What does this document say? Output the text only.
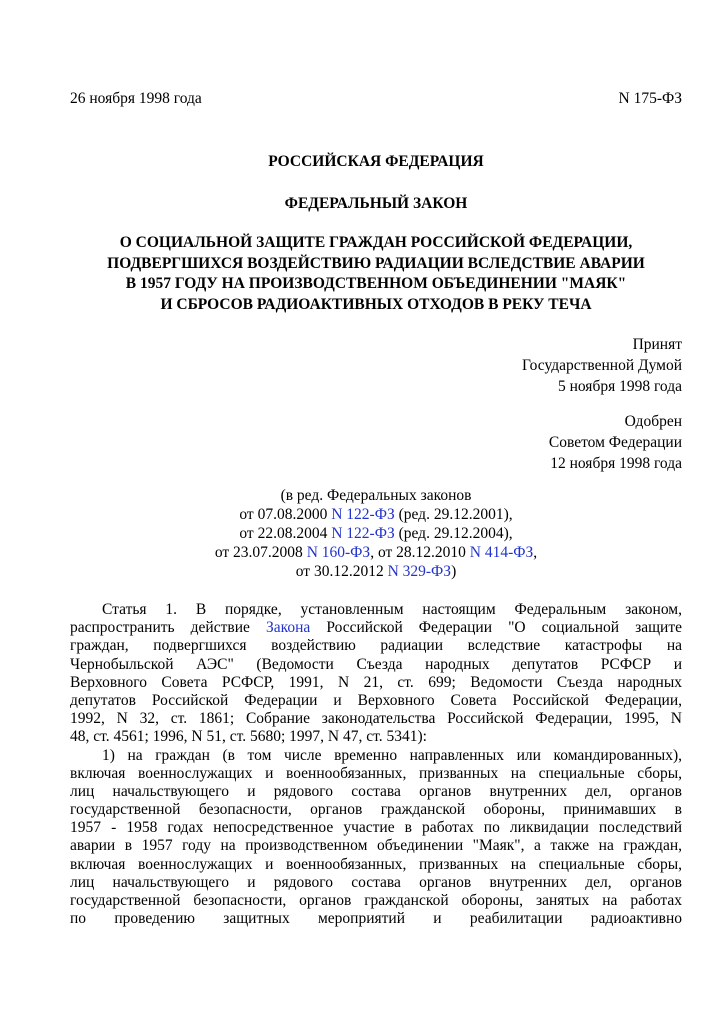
26 ноября 1998 года	N 175-ФЗ
РОССИЙСКАЯ ФЕДЕРАЦИЯ
ФЕДЕРАЛЬНЫЙ ЗАКОН
О СОЦИАЛЬНОЙ ЗАЩИТЕ ГРАЖДАН РОССИЙСКОЙ ФЕДЕРАЦИИ,
ПОДВЕРГШИХСЯ ВОЗДЕЙСТВИЮ РАДИАЦИИ ВСЛЕДСТВИЕ АВАРИИ
В 1957 ГОДУ НА ПРОИЗВОДСТВЕННОМ ОБЪЕДИНЕНИИ "МАЯК"
И СБРОСОВ РАДИОАКТИВНЫХ ОТХОДОВ В РЕКУ ТЕЧА
Принят
Государственной Думой
5 ноября 1998 года
Одобрен
Советом Федерации
12 ноября 1998 года
(в ред. Федеральных законов
от 07.08.2000 N 122-ФЗ (ред. 29.12.2001),
от 22.08.2004 N 122-ФЗ (ред. 29.12.2004),
от 23.07.2008 N 160-ФЗ, от 28.12.2010 N 414-ФЗ,
от 30.12.2012 N 329-ФЗ)
Статья 1. В порядке, установленным настоящим Федеральным законом,
распространить действие Закона Российской Федерации "О социальной защите
граждан, подвергшихся воздействию радиации вследствие катастрофы на
Чернобыльской АЭС" (Ведомости Съезда народных депутатов РСФСР и
Верховного Совета РСФСР, 1991, N 21, ст. 699; Ведомости Съезда народных
депутатов Российской Федерации и Верховного Совета Российской Федерации,
1992, N 32, ст. 1861; Собрание законодательства Российской Федерации, 1995, N
48, ст. 4561; 1996, N 51, ст. 5680; 1997, N 47, ст. 5341):
1) на граждан (в том числе временно направленных или командированных),
включая военнослужащих и военнообязанных, призванных на специальные сборы,
лиц начальствующего и рядового состава органов внутренних дел, органов
государственной безопасности, органов гражданской обороны, принимавших в
1957 - 1958 годах непосредственное участие в работах по ликвидации последствий
аварии в 1957 году на производственном объединении "Маяк", а также на граждан,
включая военнослужащих и военнообязанных, призванных на специальные сборы,
лиц начальствующего и рядового состава органов внутренних дел, органов
государственной безопасности, органов гражданской обороны, занятых на работах
по проведению защитных мероприятий и реабилитации радиоактивно
